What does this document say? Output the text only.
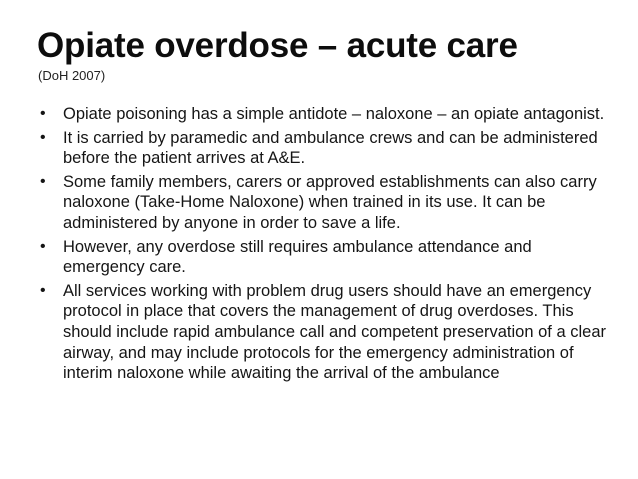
Opiate overdose – acute care
(DoH 2007)
• Opiate poisoning has a simple antidote – naloxone – an opiate antagonist.
• It is carried by paramedic and ambulance crews and can be administered before the patient arrives at A&E.
• Some family members, carers or approved establishments can also carry naloxone (Take-Home Naloxone) when trained in its use. It can be administered by anyone in order to save a life.
• However, any overdose still requires ambulance attendance and emergency care.
• All services working with problem drug users should have an emergency protocol in place that covers the management of drug overdoses. This should include rapid ambulance call and competent preservation of a clear airway, and may include protocols for the emergency administration of interim naloxone while awaiting the arrival of the ambulance
